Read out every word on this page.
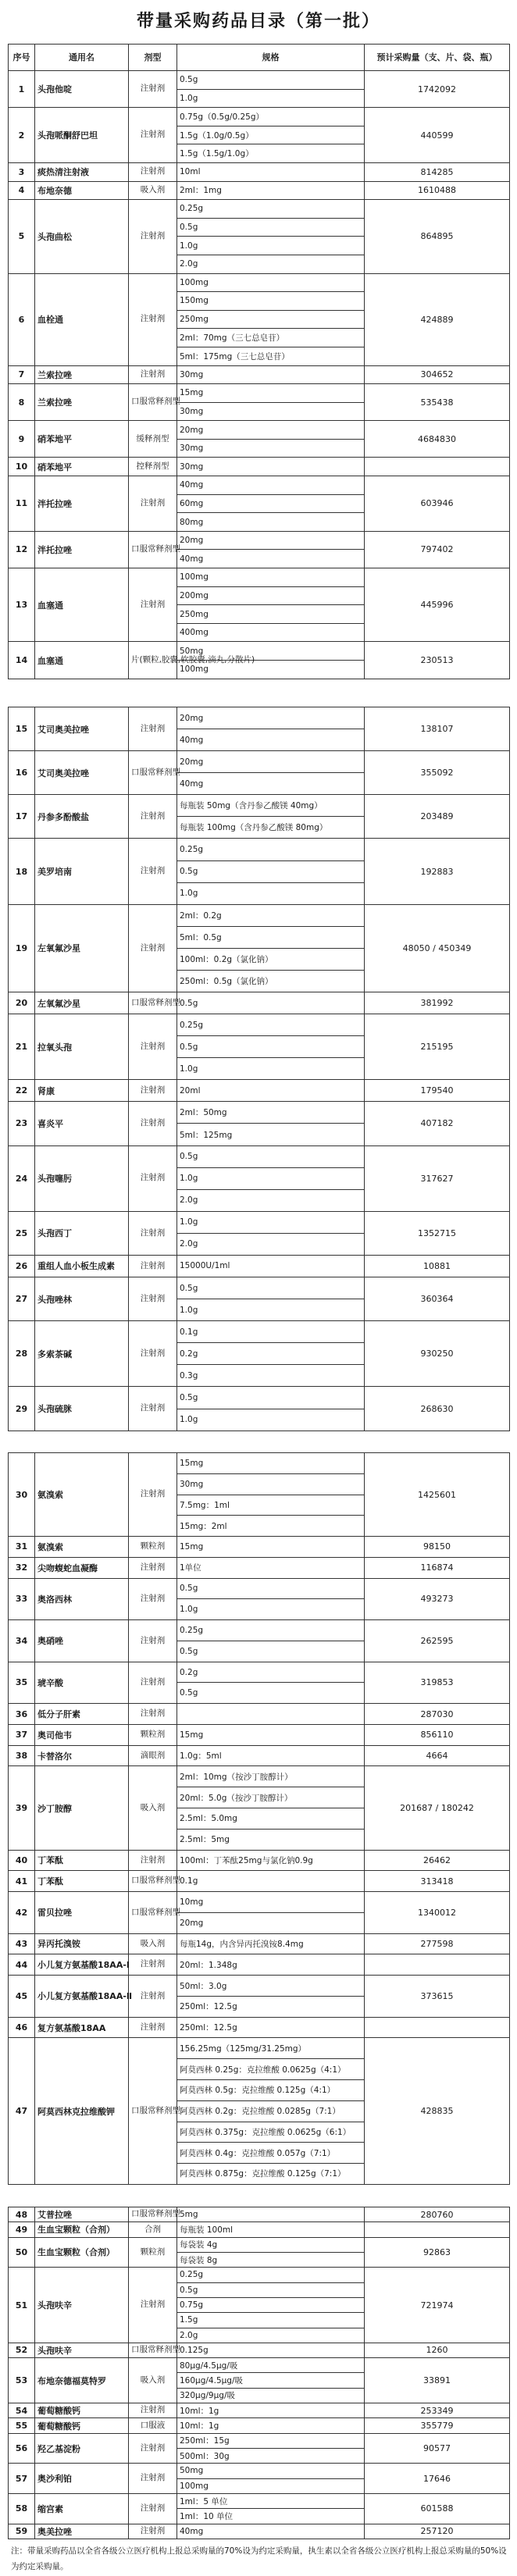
带量采购药品目录（第一批）
序号	通用名	剂型	规格	预计采购量（支、片、袋、瓶）
1	头孢他啶	注射剂	0.5g	1742092
			1.0g	
2	头孢哌酮舒巴坦	注射剂	0.75g（0.5g/0.25g）	440599
			1.5g（1.0g/0.5g）	
			1.5g（1.5g/1.0g）	
3	痰热清注射液	注射剂	10ml	814285
4	布地奈德	吸入剂	2ml：1mg	1610488
5	头孢曲松	注射剂	0.25g	864895
			0.5g	
			1.0g	
			2.0g	
6	血栓通	注射剂	100mg	424889
			150mg	
			250mg	
			2ml：70mg（三七总皂苷）	
			5ml：175mg（三七总皂苷）	
7	兰索拉唑	注射剂	30mg	304652
8	兰索拉唑	口服常释剂型	15mg	535438
			30mg	
9	硝苯地平	缓释剂型	20mg	4684830
			30mg	
10	硝苯地平	控释剂型	30mg	
11	泮托拉唑	注射剂	40mg	603946
			60mg	
			80mg	
12	泮托拉唑	口服常释剂型	20mg	797402
			40mg	
13	血塞通	注射剂	100mg	445996
			200mg	
			250mg	
			400mg	
14	血塞通	片(颗粒,胶囊,软胶囊,滴丸,分散片)	50mg	230513
			100mg	
15	艾司奥美拉唑	注射剂	20mg	138107
			40mg	
16	艾司奥美拉唑	口服常释剂型	20mg	355092
			40mg	
17	丹参多酚酸盐	注射剂	每瓶装 50mg（含丹参乙酸镁 40mg）	203489
			每瓶装 100mg（含丹参乙酸镁 80mg）	
18	美罗培南	注射剂	0.25g	192883
			0.5g	
			1.0g	
19	左氧氟沙星	注射剂	2ml：0.2g	48050 / 450349
			5ml：0.5g	
			100ml：0.2g（氯化钠）	
			250ml：0.5g（氯化钠）	
20	左氧氟沙星	口服常释剂型	0.5g	381992
21	拉氧头孢	注射剂	0.25g	215195
			0.5g	
			1.0g	
22	肾康	注射剂	20ml	179540
23	喜炎平	注射剂	2ml：50mg	407182
			5ml：125mg	
24	头孢噻肟	注射剂	0.5g	317627
			1.0g	
			2.0g	
25	头孢西丁	注射剂	1.0g	1352715
			2.0g	
26	重组人血小板生成素	注射剂	15000U/1ml	10881
27	头孢唑林	注射剂	0.5g	360364
			1.0g	
28	多索茶碱	注射剂	0.1g	930250
			0.2g	
			0.3g	
29	头孢硫脒	注射剂	0.5g	268630
			1.0g	
30	氨溴索	注射剂	15mg	1425601
			30mg	
			7.5mg：1ml	
			15mg：2ml	
31	氨溴索	颗粒剂	15mg	98150
32	尖吻蝮蛇血凝酶	注射剂	1单位	116874
33	奥洛西林	注射剂	0.5g	493273
			1.0g	
34	奥硝唑	注射剂	0.25g	262595
			0.5g	
35	琥辛酸	注射剂	0.2g	319853
			0.5g	
36	低分子肝素	注射剂		287030
37	奥司他韦	颗粒剂	15mg	856110
38	卡替洛尔	滴眼剂	1.0g：5ml	4664
39	沙丁胺醇	吸入剂	2ml：10mg（按沙丁胺醇计）	201687 / 180242
			20ml：5.0g（按沙丁胺醇计）	
			2.5ml：5.0mg	
			2.5ml：5mg	
40	丁苯酞	注射剂	100ml：丁苯酞25mg与氯化钠0.9g	26462
41	丁苯酞	口服常释剂型	0.1g	313418
42	雷贝拉唑	口服常释剂型	10mg	1340012
			20mg	
43	异丙托溴铵	吸入剂	每瓶14g，内含异丙托溴铵8.4mg	277598
44	小儿复方氨基酸18AA-Ⅰ	注射剂	20ml：1.348g	
45	小儿复方氨基酸18AA-Ⅱ	注射剂	50ml：3.0g	373615
			250ml：12.5g	
46	复方氨基酸18AA	注射剂	250ml：12.5g	
47	阿莫西林克拉维酸钾	口服常释剂型	156.25mg（125mg/31.25mg）	428835
			阿莫西林 0.25g：克拉维酸 0.0625g（4:1）	
			阿莫西林 0.5g：克拉维酸 0.125g（4:1）	
			阿莫西林 0.2g：克拉维酸 0.0285g（7:1）	
			阿莫西林 0.375g：克拉维酸 0.0625g（6:1）	
			阿莫西林 0.4g：克拉维酸 0.057g（7:1）	
			阿莫西林 0.875g：克拉维酸 0.125g（7:1）	
48	艾普拉唑	口服常释剂型	5mg	280760
49	生血宝颗粒（合剂）	合剂	每瓶装 100ml	
50	生血宝颗粒（合剂）	颗粒剂	每袋装 4g	92863
			每袋装 8g	
51	头孢呋辛	注射剂	0.25g	721974
			0.5g	
			0.75g	
			1.5g	
			2.0g	
52	头孢呋辛	口服常释剂型	0.125g	1260
53	布地奈德福莫特罗	吸入剂	80μg/4.5μg/吸	33891
			160μg/4.5μg/吸	
			320μg/9μg/吸	
54	葡萄糖酸钙	注射剂	10ml：1g	253349
55	葡萄糖酸钙	口服液	10ml：1g	355779
56	羟乙基淀粉	注射剂	250ml：15g	90577
			500ml：30g	
57	奥沙利铂	注射剂	50mg	17646
			100mg	
58	缩宫素	注射剂	1ml：5 单位	601588
			1ml：10 单位	
59	奥美拉唑	注射剂	40mg	257120
注：带量采购药品以全省各级公立医疗机构上报总采购量的70%设为约定采购量，执生素以全省各级公立医疗机构上报总采购量的50%设为约定采购量。
